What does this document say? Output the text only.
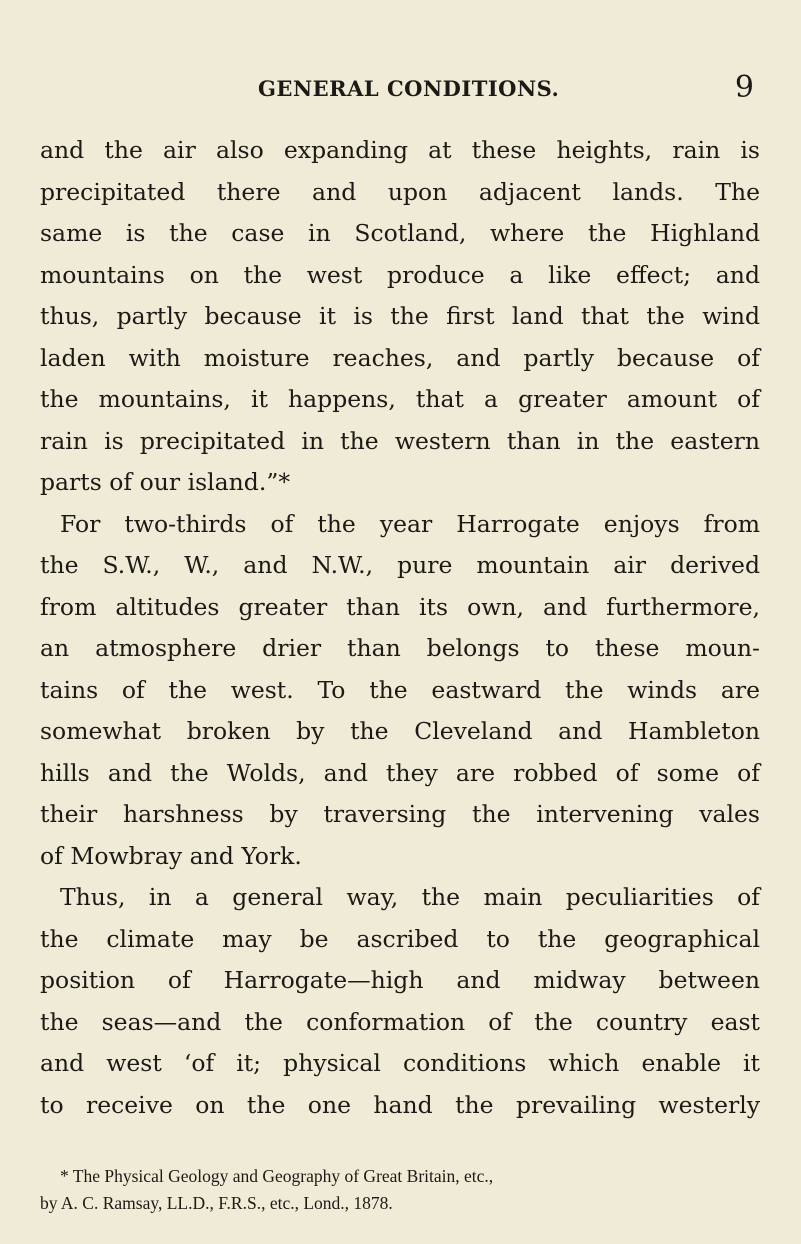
GENERAL CONDITIONS.	9
and the air also expanding at these heights, rain is
precipitated there and upon adjacent lands. The
same is the case in Scotland, where the Highland
mountains on the west produce a like effect; and
thus, partly because it is the first land that the wind
laden with moisture reaches, and partly because of
the mountains, it happens, that a greater amount of
rain is precipitated in the western than in the eastern
parts of our island.”*
For two-thirds of the year Harrogate enjoys from
the S.W., W., and N.W., pure mountain air derived
from altitudes greater than its own, and furthermore,
an atmosphere drier than belongs to these moun-
tains of the west. To the eastward the winds are
somewhat broken by the Cleveland and Hambleton
hills and the Wolds, and they are robbed of some of
their harshness by traversing the intervening vales
of Mowbray and York.
Thus, in a general way, the main peculiarities of
the climate may be ascribed to the geographical
position of Harrogate—high and midway between
the seas—and the conformation of the country east
and west ʻof it; physical conditions which enable it
to receive on the one hand the prevailing westerly
* The Physical Geology and Geography of Great Britain, etc.,
by A. C. Ramsay, LL.D., F.R.S., etc., Lond., 1878.
